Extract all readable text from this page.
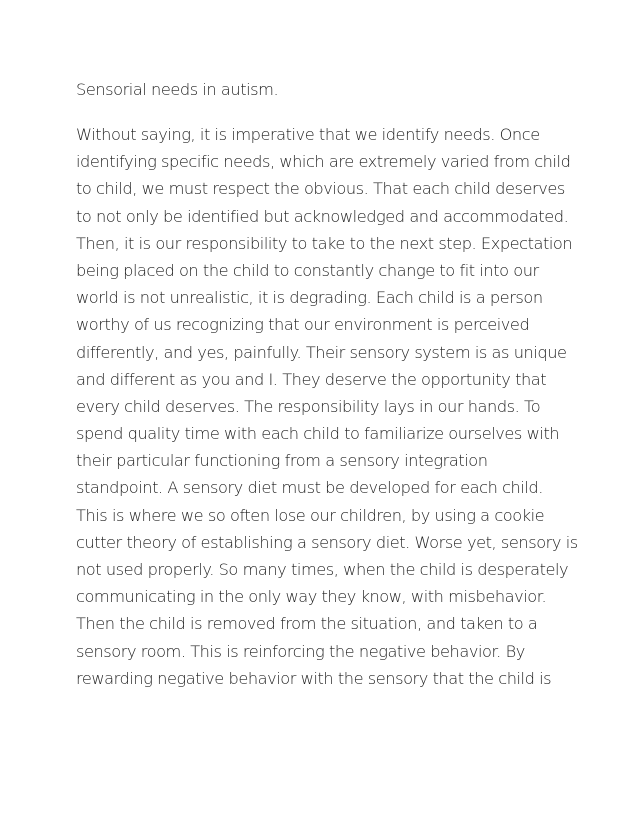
Sensorial needs in autism.

Without saying, it is imperative that we identify needs. Once
identifying specific needs, which are extremely varied from child
to child, we must respect the obvious. That each child deserves
to not only be identified but acknowledged and accommodated.
Then, it is our responsibility to take to the next step. Expectation
being placed on the child to constantly change to fit into our
world is not unrealistic, it is degrading. Each child is a person
worthy of us recognizing that our environment is perceived
differently, and yes, painfully. Their sensory system is as unique
and different as you and I. They deserve the opportunity that
every child deserves. The responsibility lays in our hands. To
spend quality time with each child to familiarize ourselves with
their particular functioning from a sensory integration
standpoint. A sensory diet must be developed for each child.
This is where we so often lose our children, by using a cookie
cutter theory of establishing a sensory diet. Worse yet, sensory is
not used properly. So many times, when the child is desperately
communicating in the only way they know, with misbehavior.
Then the child is removed from the situation, and taken to a
sensory room. This is reinforcing the negative behavior. By
rewarding negative behavior with the sensory that the child is
